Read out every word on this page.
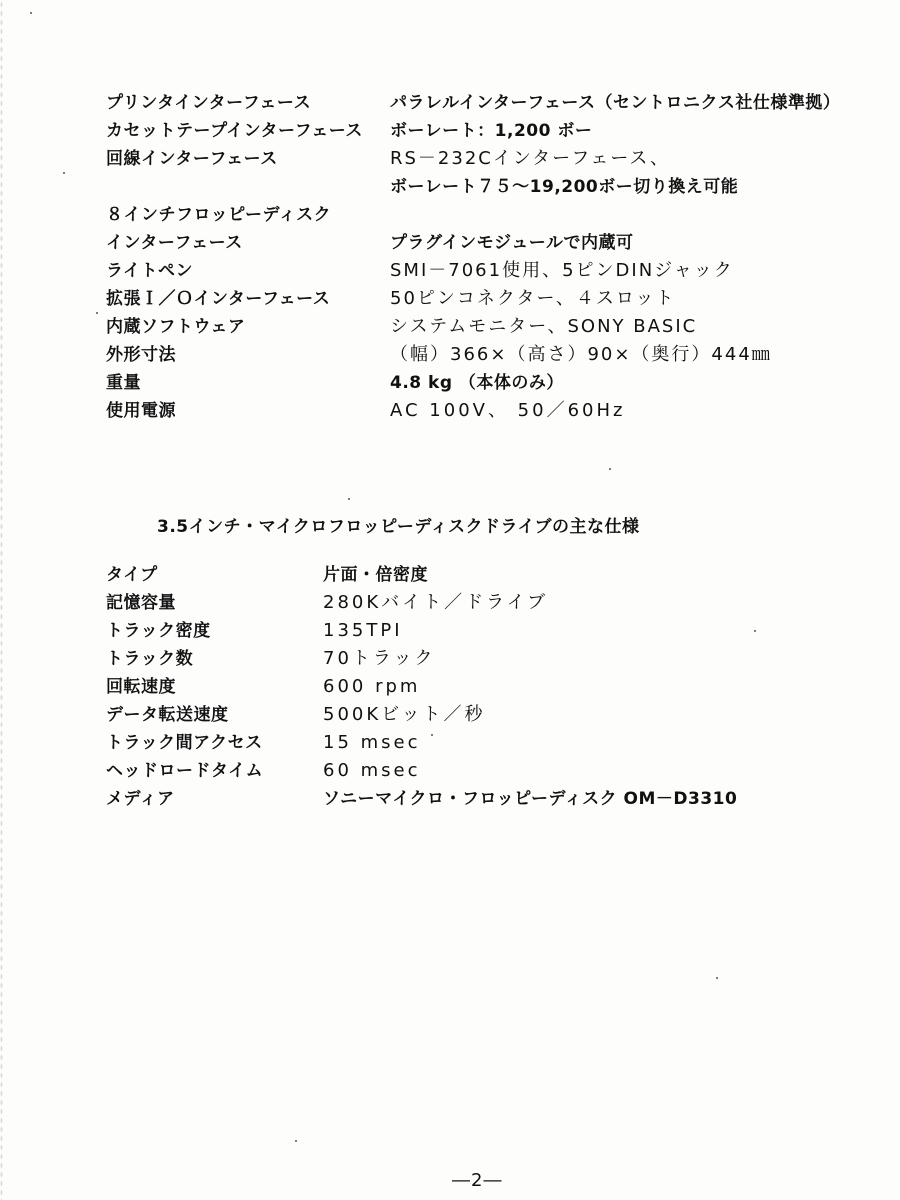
プリンタインターフェース	パラレルインターフェース（セントロニクス社仕様準拠）
カセットテープインターフェース ボーレート：1,200 ボー
回線インターフェース	RS－232Cインターフェース、
ボーレート７５～19,200ボー切り換え可能
８インチフロッピーディスク
インターフェース	プラグインモジュールで内蔵可
ライトペン	SMI－7061使用、5ピンDINジャック
拡張Ｉ／Ｏインターフェース	50ピンコネクター、４スロット
内蔵ソフトウェア	システムモニター、SONY BASIC
外形寸法	（幅）366×（高さ）90×（奥行）444㎜
重量	4.8 kg （本体のみ）
使用電源	AC 100V、 50／60Hz
3.5インチ・マイクロフロッピーディスクドライブの主な仕様
タイプ	片面・倍密度
記憶容量	280Kバイト／ドライブ
トラック密度	135TPI
トラック数	70トラック
回転速度	600 rpm
データ転送速度	500Kビット／秒
トラック間アクセス	15 msec
ヘッドロードタイム	60 msec
メディア	ソニーマイクロ・フロッピーディスク OM－D3310
―2―
